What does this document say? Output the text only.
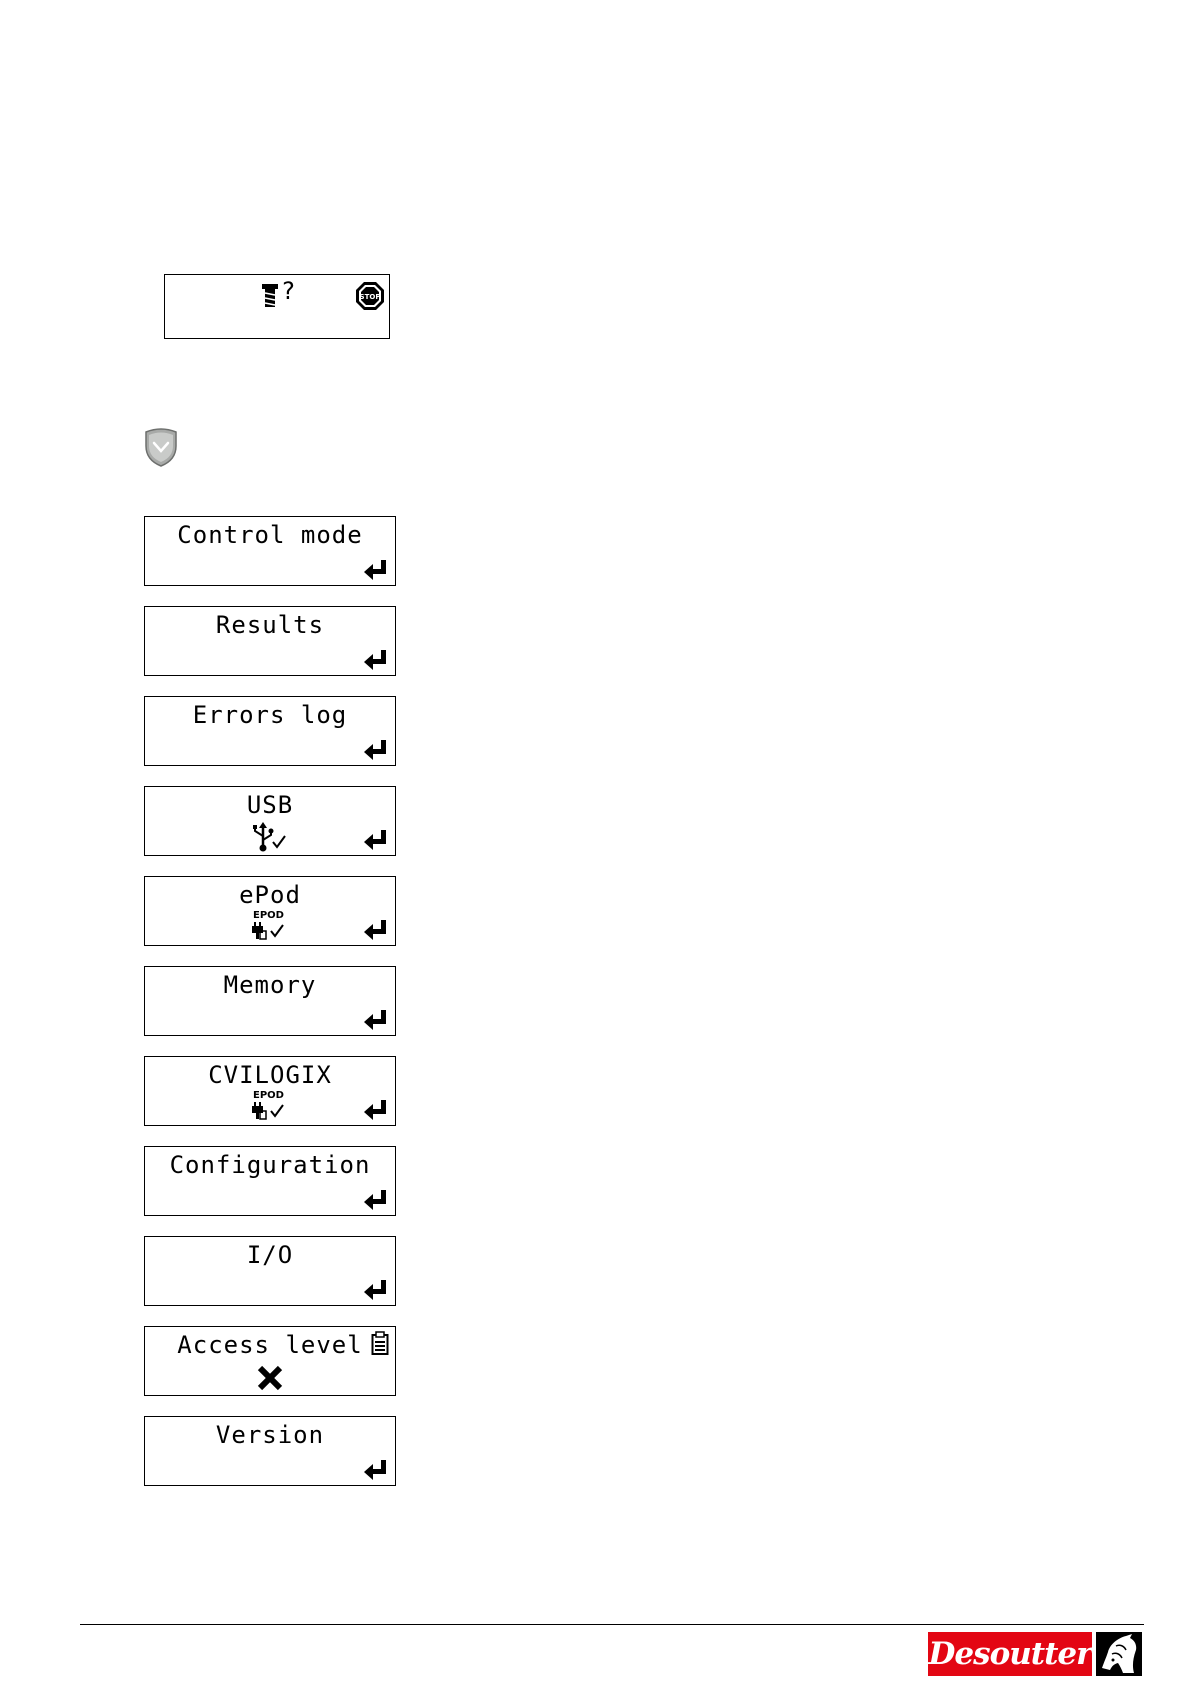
?	STOP
Control mode
Results
Errors log
USB
ePod
EPOD
Memory
CVILOGIX
EPOD
Configuration
I/O
Access level
Version
Desoutter
